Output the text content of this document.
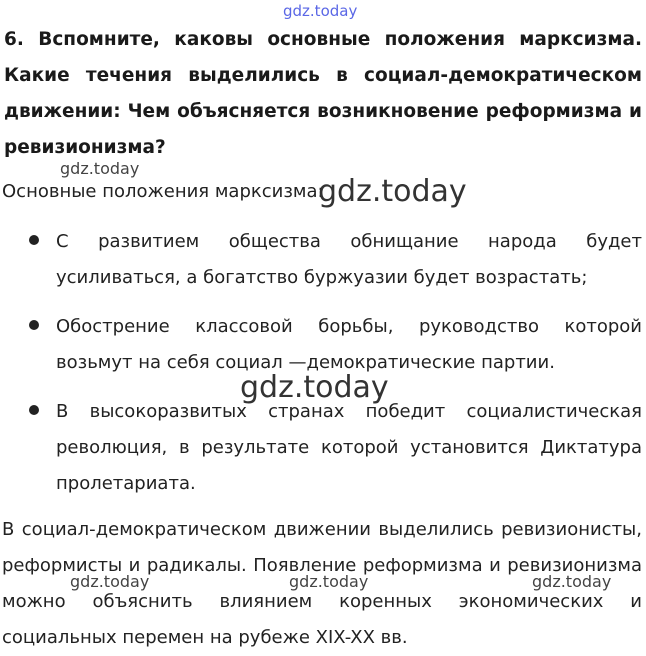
gdz.today
6. Вспомните, каковы основные положения марксизма. Какие течения выделились в социал-демократическом движении: Чем объясняется возникновение реформизма и ревизионизма?
gdz.today
Основные положения марксизма:
gdz.today
С развитием общества обнищание народа будет усиливаться, а богатство буржуазии будет возрастать;
Обострение классовой борьбы, руководство которой возьмут на себя социал —демократические партии.
В высокоразвитых странах победит социалистическая революция, в результате которой установится Диктатура пролетариата.
gdz.today
В социал-демократическом движении выделились ревизионисты, реформисты и радикалы. Появление реформизма и ревизионизма можно объяснить влиянием коренных экономических и социальных перемен на рубеже XIX-XX вв.
gdz.today	gdz.today	gdz.today
